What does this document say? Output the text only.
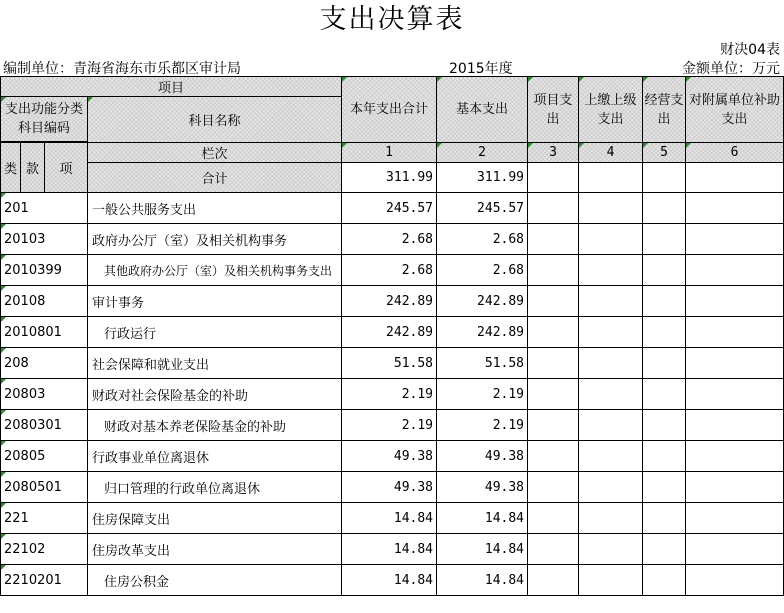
支出决算表
财决04表
编制单位：青海省海东市乐都区审计局	2015年度	金额单位：万元
项目				本年支出合计	基本支出	项目支出	上缴上级支出	经营支出	对附属单位补助支出
支出功能分类科目编码			科目名称						

类	款	项	栏次	1	2	3	4	5	6
			合计	311.99	311.99				
201			一般公共服务支出	245.57	245.57				
20103			政府办公厅（室）及相关机构事务	2.68	2.68				
2010399			其他政府办公厅（室）及相关机构事务支出	2.68	2.68				
20108			审计事务	242.89	242.89				
2010801			行政运行	242.89	242.89				
208			社会保障和就业支出	51.58	51.58				
20803			财政对社会保险基金的补助	2.19	2.19				
2080301			财政对基本养老保险基金的补助	2.19	2.19				
20805			行政事业单位离退休	49.38	49.38				
2080501			归口管理的行政单位离退休	49.38	49.38				
221			住房保障支出	14.84	14.84				
22102			住房改革支出	14.84	14.84				
2210201			住房公积金	14.84	14.84				
